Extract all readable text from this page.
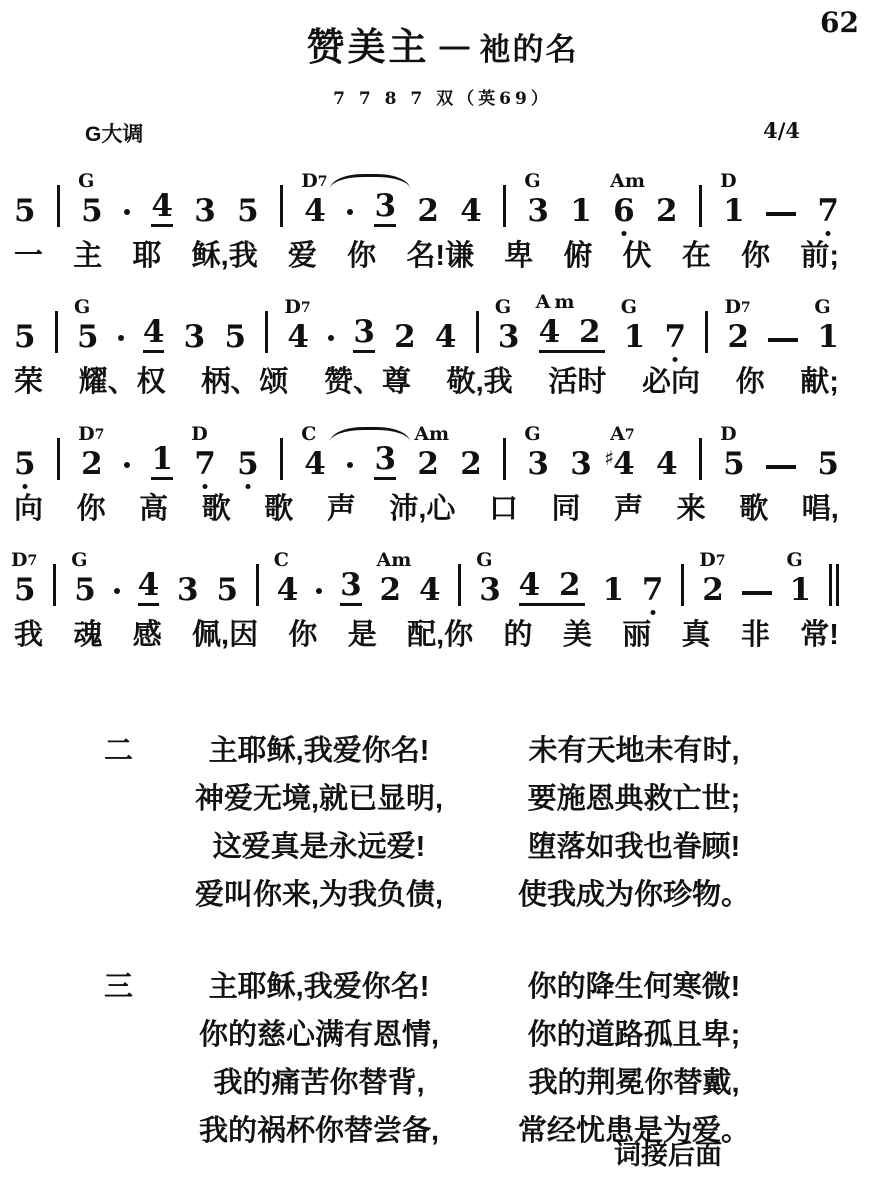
62
赞美主 — 祂的名
7 7 8 7 双（英69）
G大调	4/4
5 5
G
4 3 5 4
D7
3 2 4 3
G
1 6
Am
2 1
D
7
一 主 耶 稣,我 爱 你 名!谦 卑 俯 伏 在 你 前;
5 5
G
4 3 5 4
D7
3 2 4 3
G
4 2
Am
1
G
7 2
D7
1
G
荣 耀、权 柄、颂 赞、尊 敬,我 活时 必向 你 献;
5 2
D7
1 7
D
5 4
C
3 2
Am
2 3
G
3 ♯ 4
A7
4 5
D
5
向 你 高 歌 歌 声 沛,心 口 同 声 来 歌 唱,
5
D7
5
G
4 3 5 4
C
3 2
Am
4 3
G
4 2 1 7 2
D7
1
G
我 魂 感 佩,因 你 是 配,你 的 美 丽 真 非 常!
二	主耶稣,我爱你名!
神爱无境,就已显明,
这爱真是永远爱!
爱叫你来,为我负债,
未有天地未有时,
要施恩典救亡世;
堕落如我也眷顾!
使我成为你珍物。
三	主耶稣,我爱你名!
你的慈心满有恩情,
我的痛苦你替背,
我的祸杯你替尝备,
你的降生何寒微!
你的道路孤且卑;
我的荆冕你替戴,
常经忧患是为爱。
词接后面
